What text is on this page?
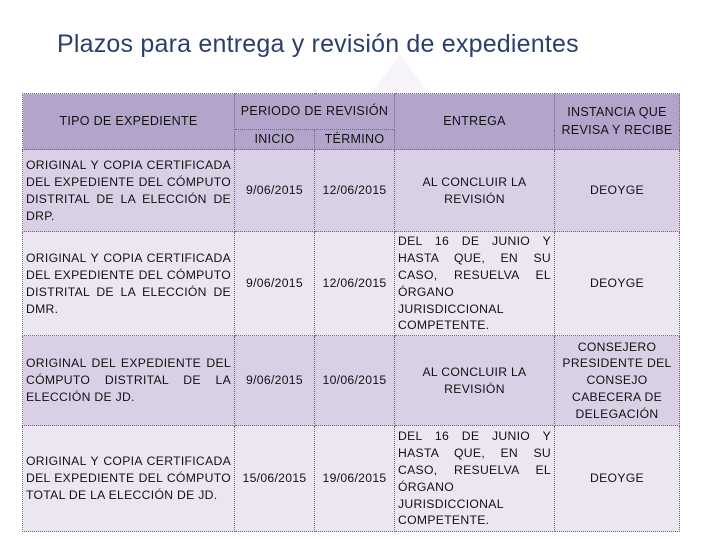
Plazos para entrega y revisión de expedientes
TIPO DE EXPEDIENTE	PERIODO DE REVISIÓN		ENTREGA	INSTANCIA QUE REVISA Y RECIBE
	INICIO	TÉRMINO		
ORIGINAL Y COPIA CERTIFICADA DEL EXPEDIENTE DEL CÓMPUTO DISTRITAL DE LA ELECCIÓN DE DRP.	9/06/2015	12/06/2015	AL CONCLUIR LA REVISIÓN	DEOYGE
ORIGINAL Y COPIA CERTIFICADA DEL EXPEDIENTE DEL CÓMPUTO DISTRITAL DE LA ELECCIÓN DE DMR.	9/06/2015	12/06/2015	DEL 16 DE JUNIO Y HASTA QUE, EN SU CASO, RESUELVA EL ÓRGANO JURISDICCIONAL COMPETENTE.	DEOYGE
ORIGINAL DEL EXPEDIENTE DEL CÓMPUTO DISTRITAL DE LA ELECCIÓN DE JD.	9/06/2015	10/06/2015	AL CONCLUIR LA REVISIÓN	CONSEJERO PRESIDENTE DEL CONSEJO CABECERA DE DELEGACIÓN
ORIGINAL Y COPIA CERTIFICADA DEL EXPEDIENTE DEL CÓMPUTO TOTAL DE LA ELECCIÓN DE JD.	15/06/2015	19/06/2015	DEL 16 DE JUNIO Y HASTA QUE, EN SU CASO, RESUELVA EL ÓRGANO JURISDICCIONAL COMPETENTE.	DEOYGE
